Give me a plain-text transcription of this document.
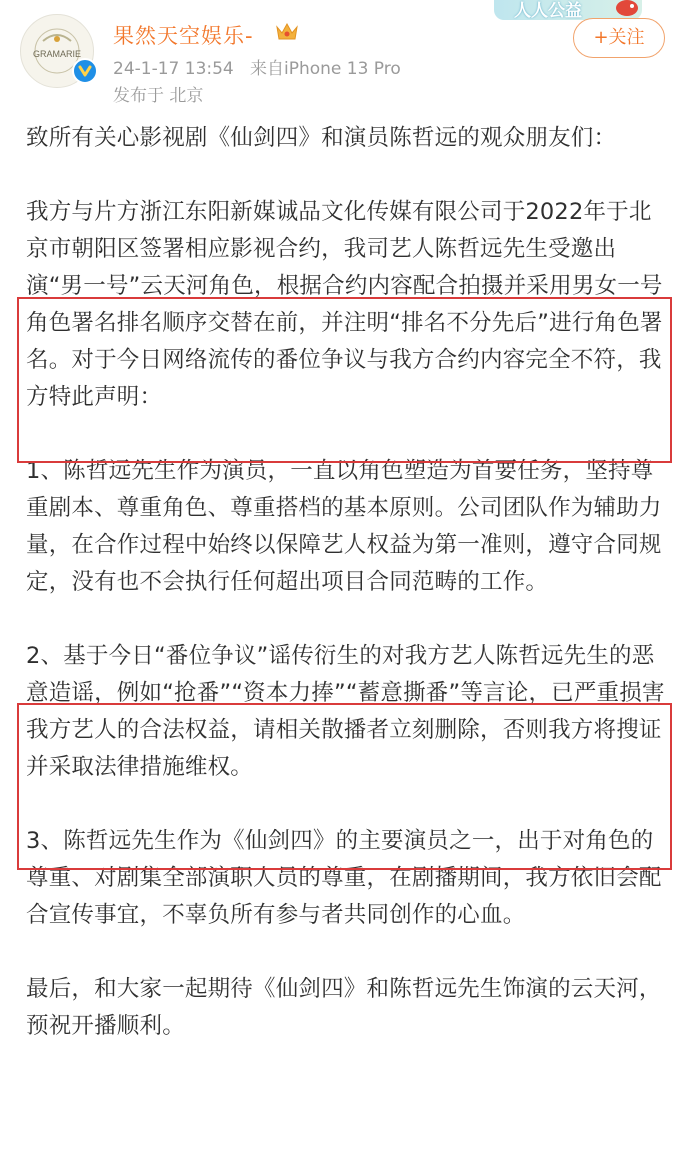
GRAMARIE
果然天空娱乐-
24-1-17 13:54 来自iPhone 13 Pro
发布于 北京
人人公益
+关注

致所有关心影视剧《仙剑四》和演员陈哲远的观众朋友们：

我方与片方浙江东阳新媒诚品文化传媒有限公司于2022年于北京市朝阳区签署相应影视合约，我司艺人陈哲远先生受邀出演“男一号”云天河角色，根据合约内容配合拍摄并采用男女一号角色署名排名顺序交替在前，并注明“排名不分先后”进行角色署名。对于今日网络流传的番位争议与我方合约内容完全不符，我方特此声明：

1、陈哲远先生作为演员，一直以角色塑造为首要任务，坚持尊重剧本、尊重角色、尊重搭档的基本原则。公司团队作为辅助力量，在合作过程中始终以保障艺人权益为第一准则，遵守合同规定，没有也不会执行任何超出项目合同范畴的工作。

2、基于今日“番位争议”谣传衍生的对我方艺人陈哲远先生的恶意造谣，例如“抢番”“资本力捧”“蓄意撕番”等言论，已严重损害我方艺人的合法权益，请相关散播者立刻删除，否则我方将搜证并采取法律措施维权。

3、陈哲远先生作为《仙剑四》的主要演员之一，出于对角色的尊重、对剧集全部演职人员的尊重，在剧播期间，我方依旧会配合宣传事宜，不辜负所有参与者共同创作的心血。

最后，和大家一起期待《仙剑四》和陈哲远先生饰演的云天河，预祝开播顺利。
